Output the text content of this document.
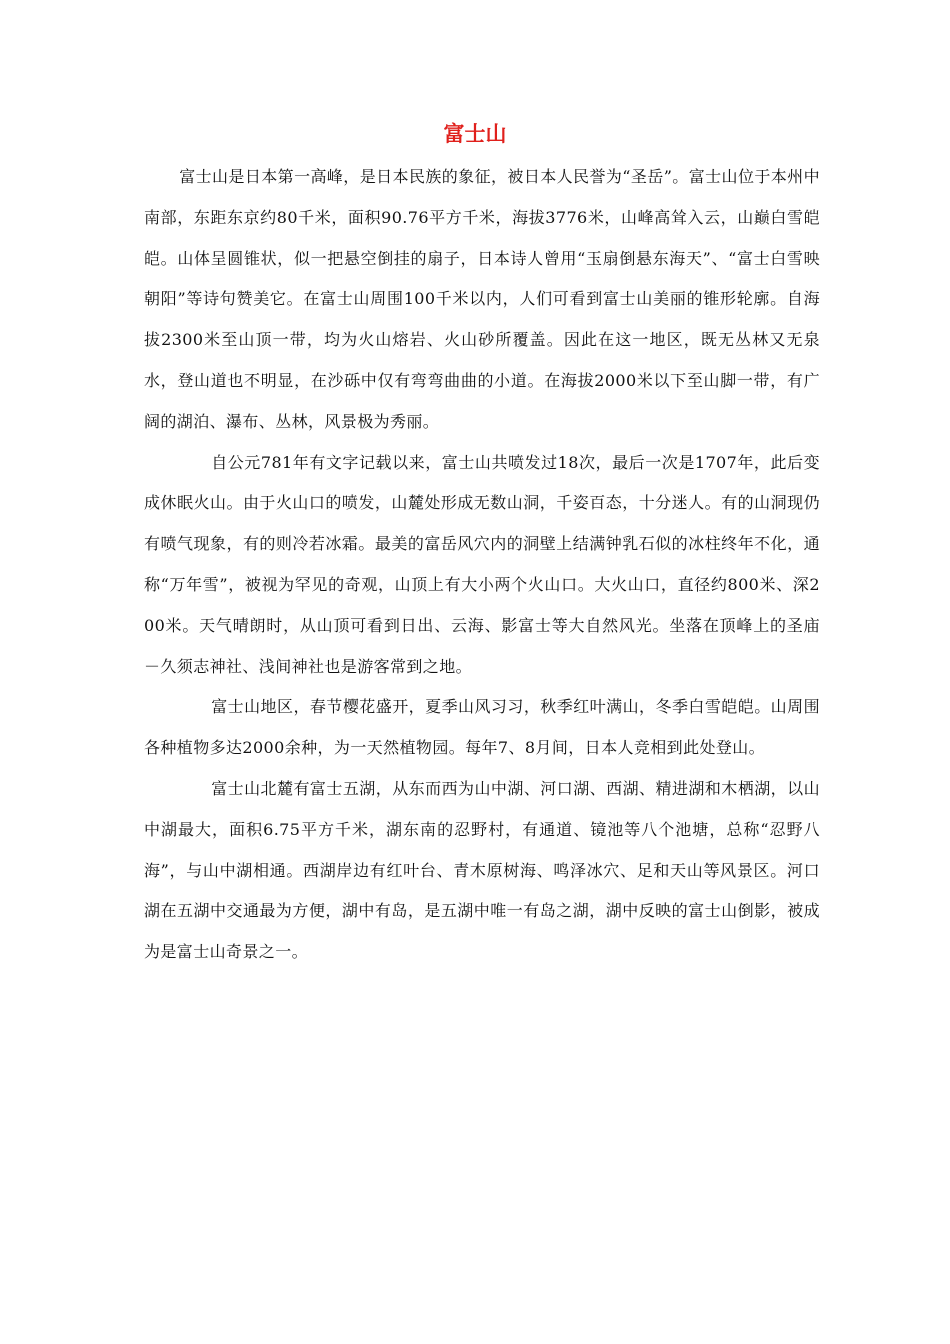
富士山

富士山是日本第一高峰，是日本民族的象征，被日本人民誉为“圣岳”。富士山位于本州中南部，东距东京约80千米，面积90.76平方千米，海拔3776米，山峰高耸入云，山巅白雪皑皑。山体呈圆锥状，似一把悬空倒挂的扇子，日本诗人曾用“玉扇倒悬东海天”、“富士白雪映朝阳”等诗句赞美它。在富士山周围100千米以内，人们可看到富士山美丽的锥形轮廓。自海拔2300米至山顶一带，均为火山熔岩、火山砂所覆盖。因此在这一地区，既无丛林又无泉水，登山道也不明显，在沙砾中仅有弯弯曲曲的小道。在海拔2000米以下至山脚一带，有广阔的湖泊、瀑布、丛林，风景极为秀丽。

自公元781年有文字记载以来，富士山共喷发过18次，最后一次是1707年，此后变成休眠火山。由于火山口的喷发，山麓处形成无数山洞，千姿百态，十分迷人。有的山洞现仍有喷气现象，有的则冷若冰霜。最美的富岳风穴内的洞壁上结满钟乳石似的冰柱终年不化，通称“万年雪”，被视为罕见的奇观，山顶上有大小两个火山口。大火山口，直径约800米、深200米。天气晴朗时，从山顶可看到日出、云海、影富士等大自然风光。坐落在顶峰上的圣庙－久须志神社、浅间神社也是游客常到之地。

富士山地区，春节樱花盛开，夏季山风习习，秋季红叶满山，冬季白雪皑皑。山周围各种植物多达2000余种，为一天然植物园。每年7、8月间，日本人竞相到此处登山。

富士山北麓有富士五湖，从东而西为山中湖、河口湖、西湖、精进湖和木栖湖，以山中湖最大，面积6.75平方千米，湖东南的忍野村，有通道、镜池等八个池塘，总称“忍野八海”，与山中湖相通。西湖岸边有红叶台、青木原树海、鸣泽冰穴、足和天山等风景区。河口湖在五湖中交通最为方便，湖中有岛，是五湖中唯一有岛之湖，湖中反映的富士山倒影，被成为是富士山奇景之一。
